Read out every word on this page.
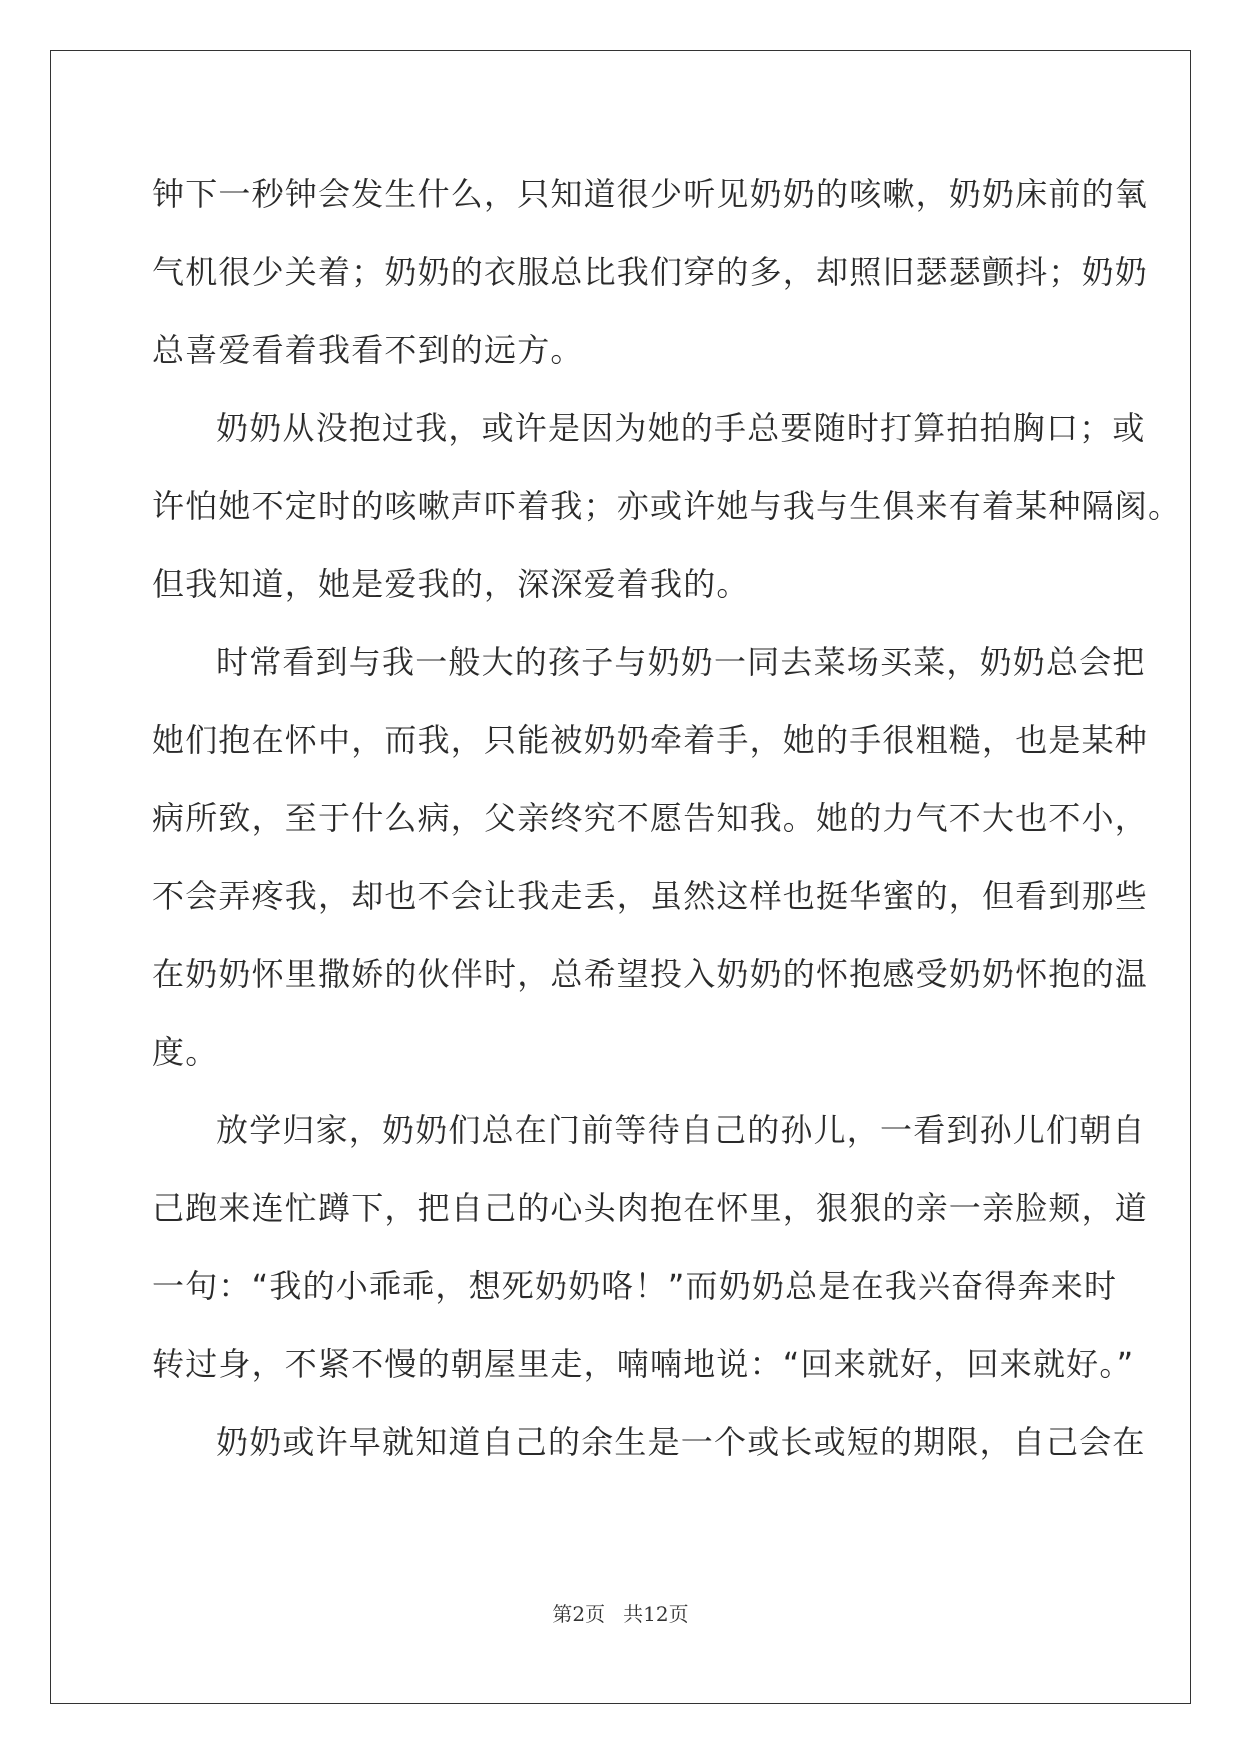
钟下一秒钟会发生什么，只知道很少听见奶奶的咳嗽，奶奶床前的氧
气机很少关着；奶奶的衣服总比我们穿的多，却照旧瑟瑟颤抖；奶奶
总喜爱看着我看不到的远方。
奶奶从没抱过我，或许是因为她的手总要随时打算拍拍胸口；或
许怕她不定时的咳嗽声吓着我；亦或许她与我与生俱来有着某种隔阂。
但我知道，她是爱我的，深深爱着我的。
时常看到与我一般大的孩子与奶奶一同去菜场买菜，奶奶总会把
她们抱在怀中，而我，只能被奶奶牵着手，她的手很粗糙，也是某种
病所致，至于什么病，父亲终究不愿告知我。她的力气不大也不小，
不会弄疼我，却也不会让我走丢，虽然这样也挺华蜜的，但看到那些
在奶奶怀里撒娇的伙伴时，总希望投入奶奶的怀抱感受奶奶怀抱的温
度。
放学归家，奶奶们总在门前等待自己的孙儿，一看到孙儿们朝自
己跑来连忙蹲下，把自己的心头肉抱在怀里，狠狠的亲一亲脸颊，道
一句：“我的小乖乖，想死奶奶咯！”而奶奶总是在我兴奋得奔来时
转过身，不紧不慢的朝屋里走，喃喃地说：“回来就好，回来就好。”
奶奶或许早就知道自己的余生是一个或长或短的期限，自己会在
第2页 共12页
